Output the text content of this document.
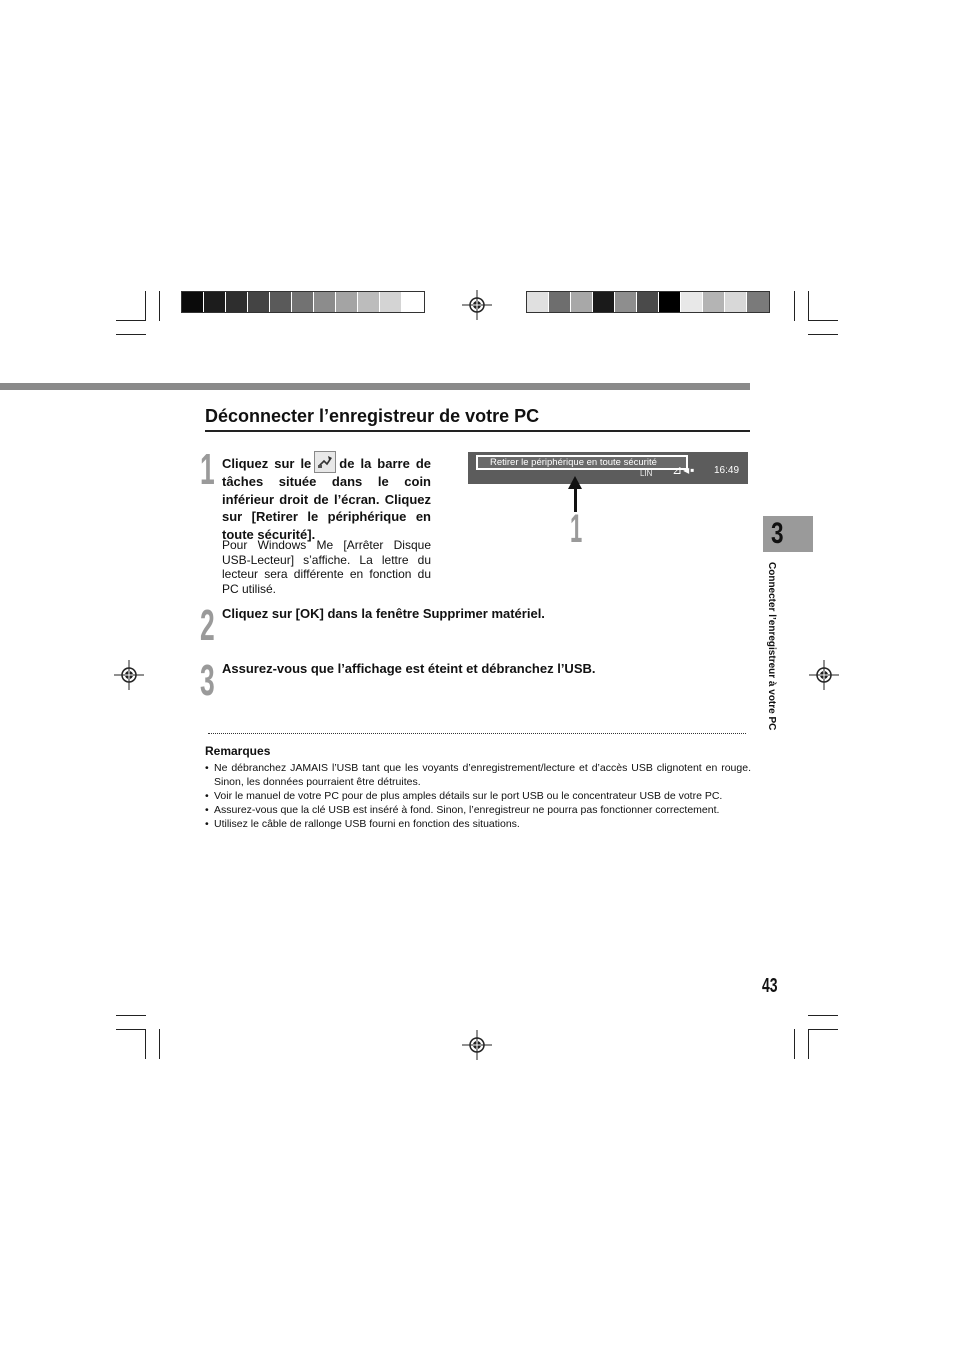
Déconnecter l’enregistreur de votre PC
1 Cliquez sur le de la barre de tâches située dans le coin inférieur droit de l’écran. Cliquez sur [Retirer le périphérique en toute sécurité].
Pour Windows Me [Arrêter Disque USB-Lecteur] s’affiche. La lettre du lecteur sera différente en fonction du PC utilisé.
Retirer le périphérique en toute sécurité
LIN ⊿◂▪ 16:49
1
2 Cliquez sur [OK] dans la fenêtre Supprimer matériel.
3 Assurez-vous que l’affichage est éteint et débranchez l’USB.
Remarques
• Ne débranchez JAMAIS l’USB tant que les voyants d’enregistrement/lecture et d’accès USB clignotent en rouge. Sinon, les données pourraient être détruites.
• Voir le manuel de votre PC pour de plus amples détails sur le port USB ou le concentrateur USB de votre PC.
• Assurez-vous que la clé USB est inséré à fond. Sinon, l’enregistreur ne pourra pas fonctionner correctement.
• Utilisez le câble de rallonge USB fourni en fonction des situations.
3
Connecter l’enregistreur à votre PC
43
